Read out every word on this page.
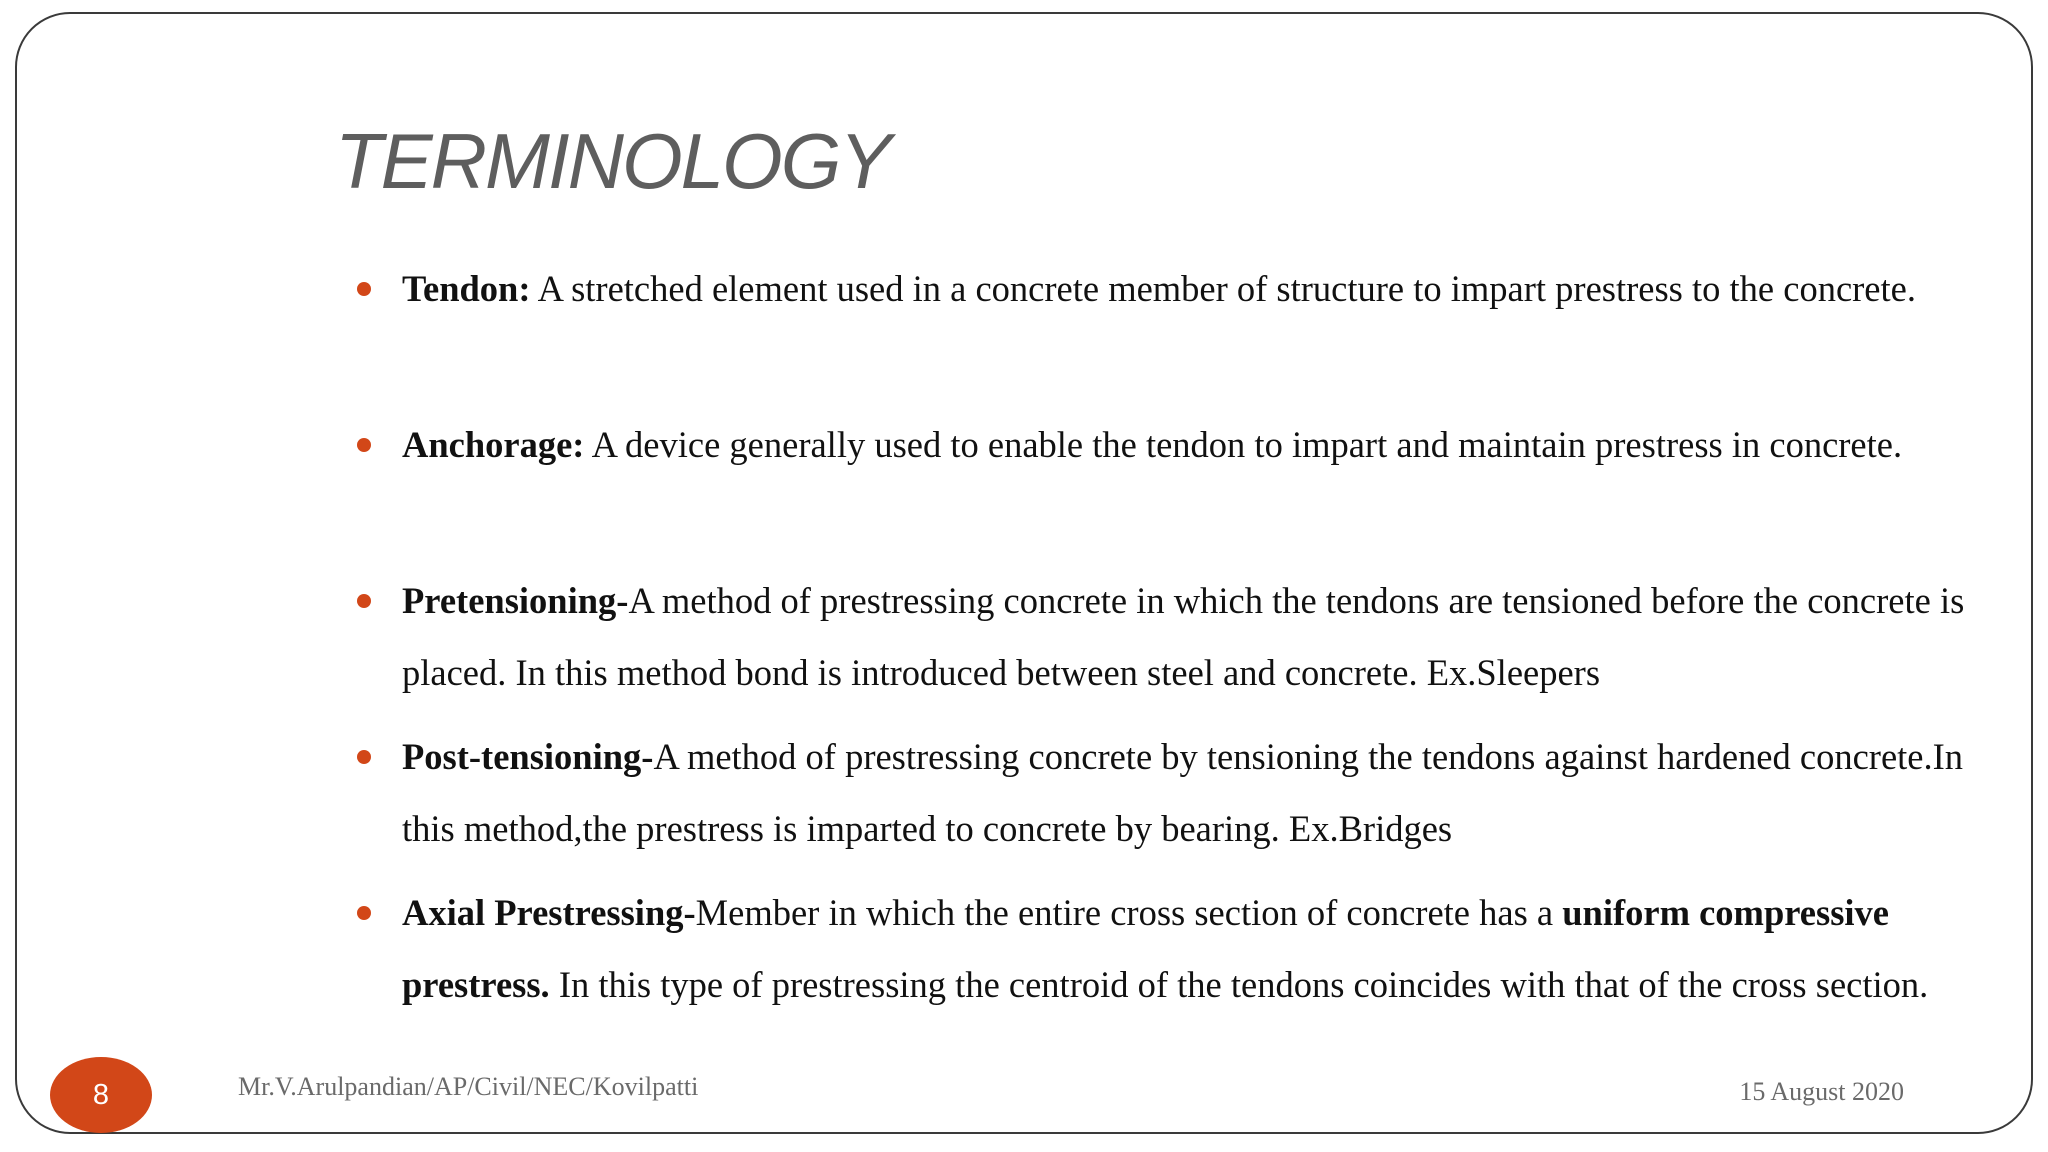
TERMINOLOGY
Tendon: A stretched element used in a concrete member of structure to impart prestress to the concrete.
Anchorage: A device generally used to enable the tendon to impart and maintain prestress in concrete.
Pretensioning-A method of prestressing concrete in which the tendons are tensioned before the concrete is placed. In this method bond is introduced between steel and concrete. Ex.Sleepers
Post-tensioning-A method of prestressing concrete by tensioning the tendons against hardened concrete.In this method,the prestress is imparted to concrete by bearing. Ex.Bridges
Axial Prestressing-Member in which the entire cross section of concrete has a uniform compressive prestress. In this type of prestressing the centroid of the tendons coincides with that of the cross section.
Mr.V.Arulpandian/AP/Civil/NEC/Kovilpatti	15 August 2020
8
